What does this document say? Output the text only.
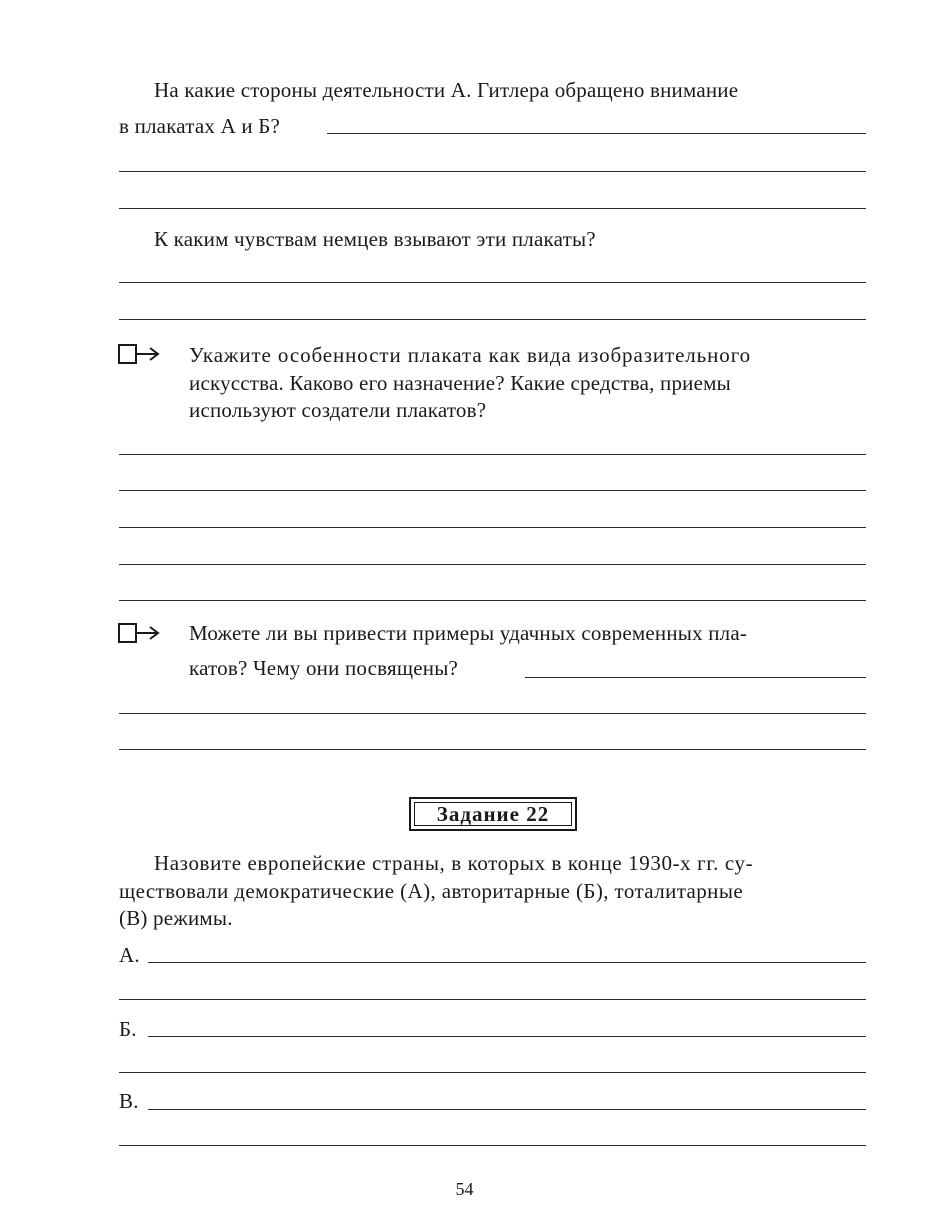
На какие стороны деятельности А. Гитлера обращено внимание
в плакатах А и Б?
К каким чувствам немцев взывают эти плакаты?
Укажите особенности плаката как вида изобразительного
искусства. Каково его назначение? Какие средства, приемы
используют создатели плакатов?
Можете ли вы привести примеры удачных современных пла-
катов? Чему они посвящены?
Задание 22
Назовите европейские страны, в которых в конце 1930-х гг. су-
ществовали демократические (А), авторитарные (Б), тоталитарные
(В) режимы.
А.
Б.
В.
54
